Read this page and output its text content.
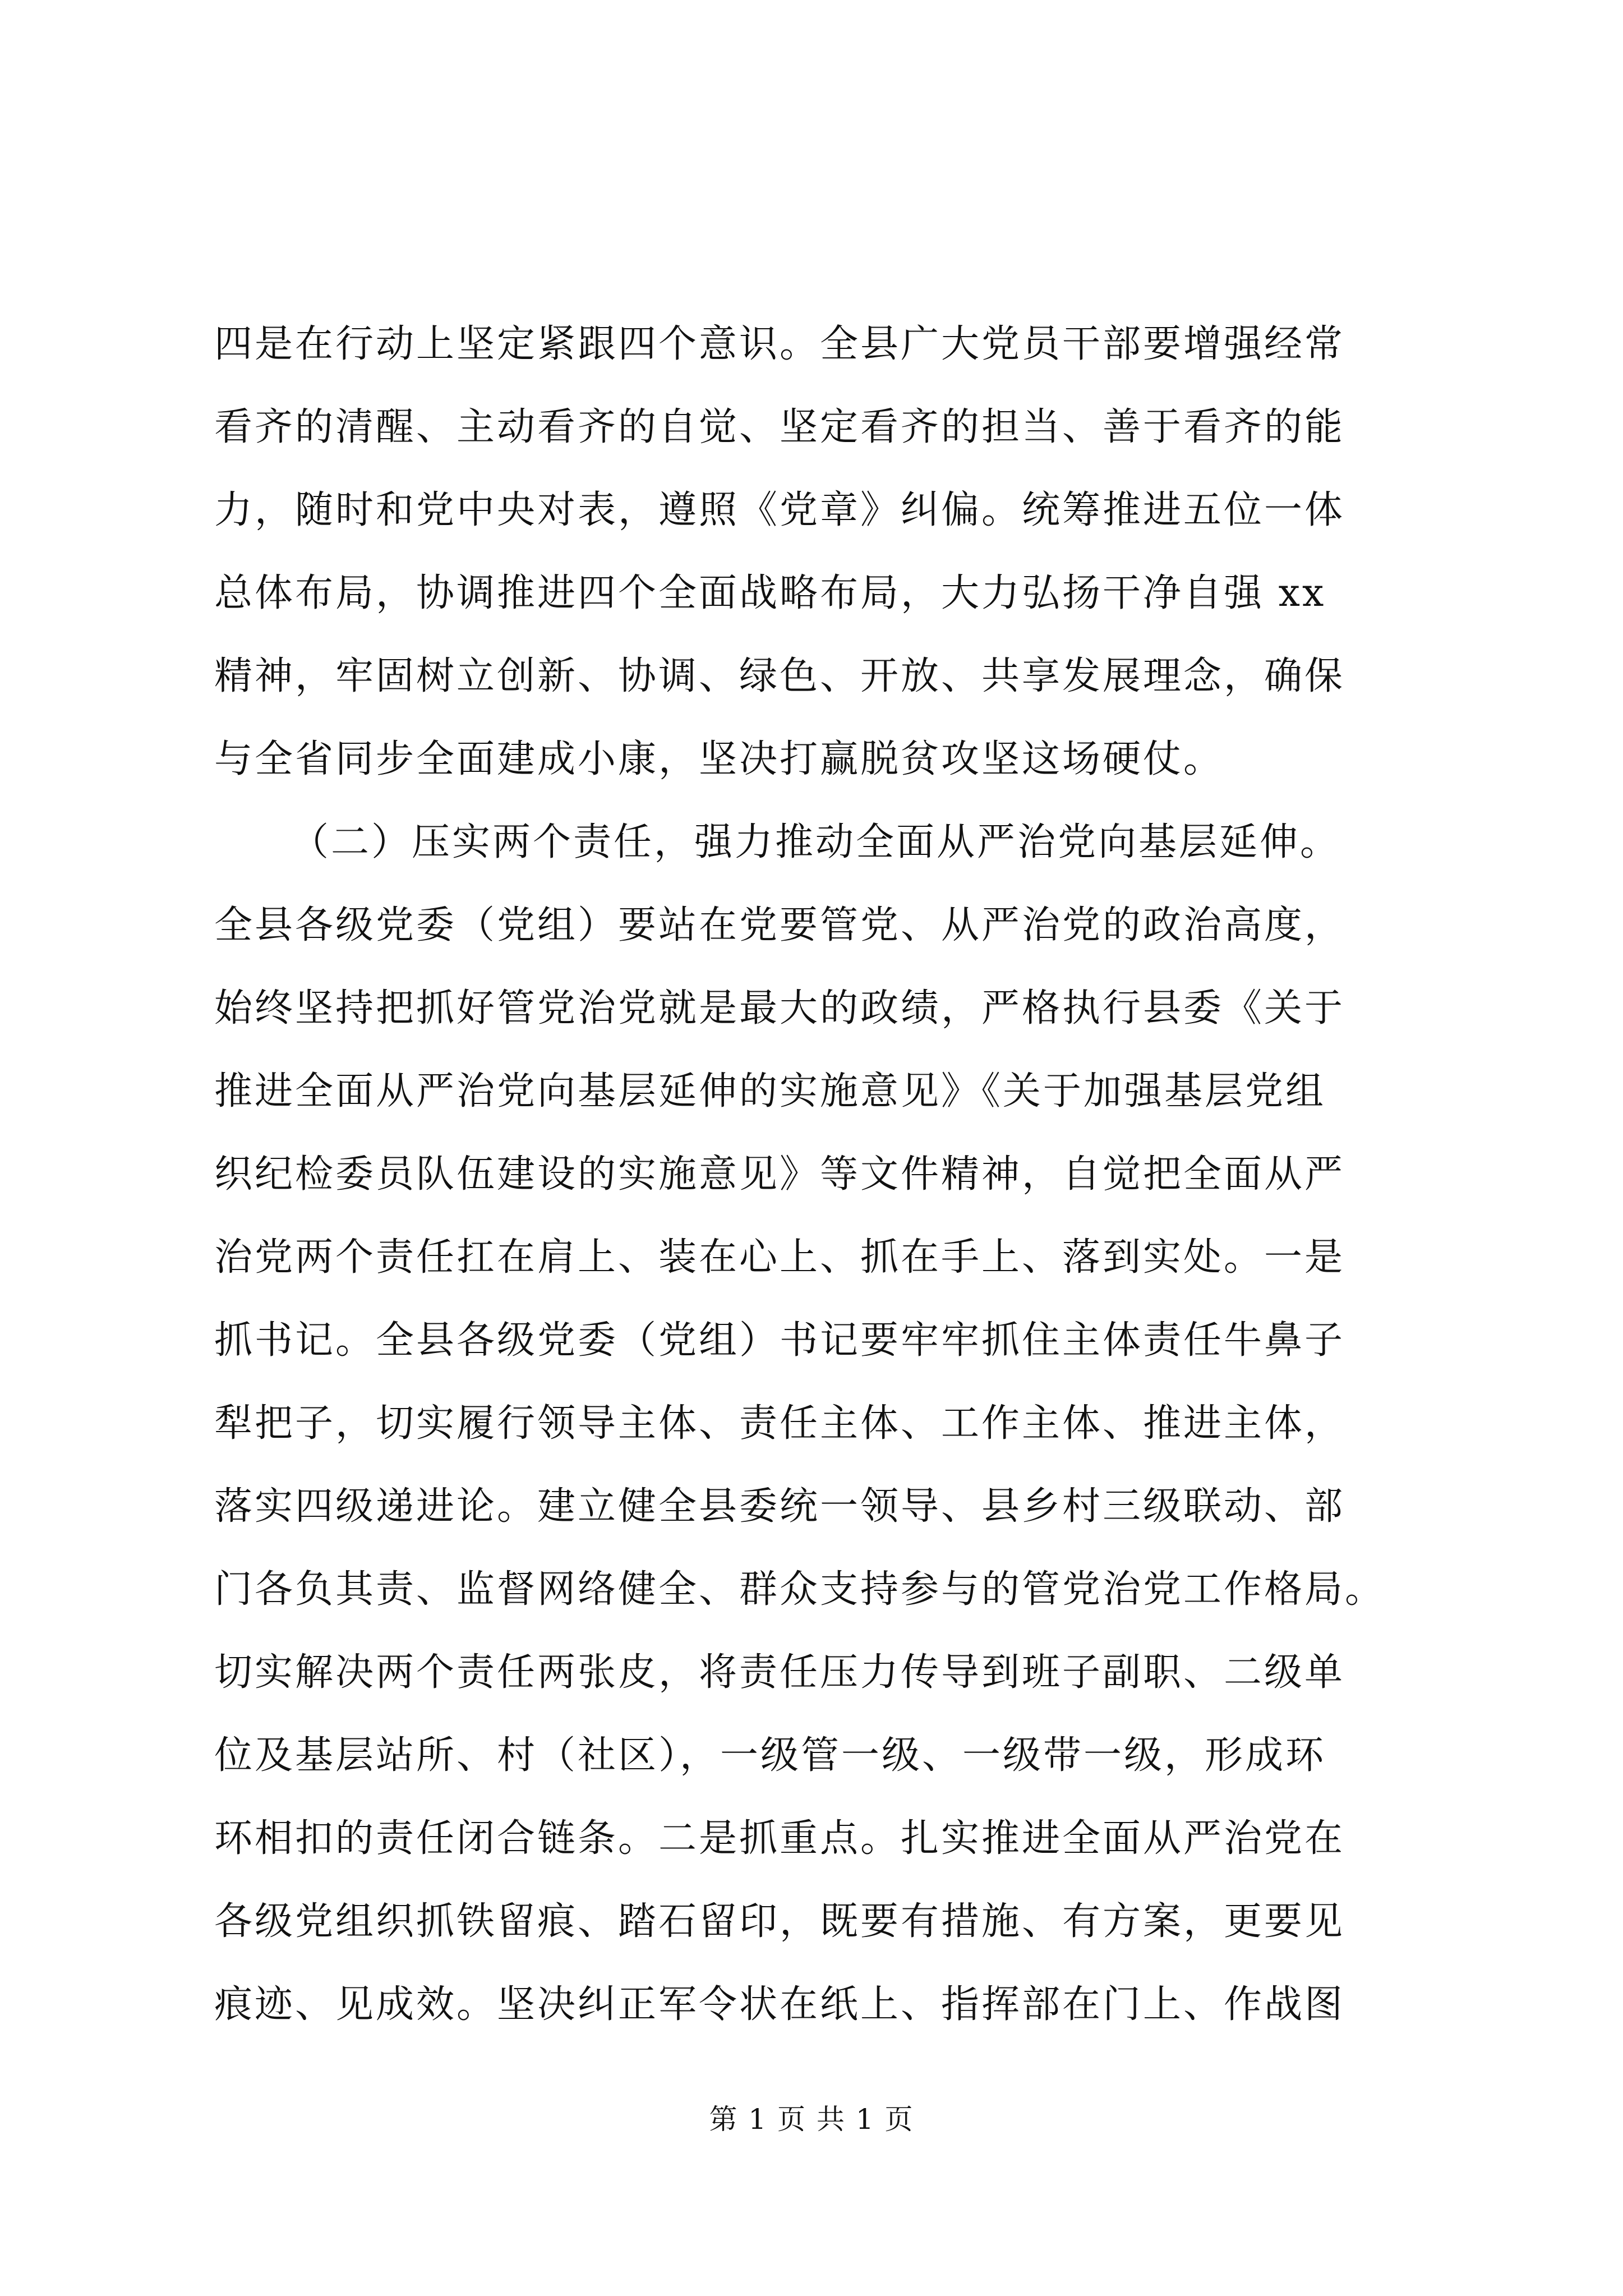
四是在行动上坚定紧跟四个意识。全县广大党员干部要增强经常
看齐的清醒、主动看齐的自觉、坚定看齐的担当、善于看齐的能
力，随时和党中央对表，遵照《党章》纠偏。统筹推进五位一体
总体布局，协调推进四个全面战略布局，大力弘扬干净自强 xx
精神，牢固树立创新、协调、绿色、开放、共享发展理念，确保
与全省同步全面建成小康，坚决打赢脱贫攻坚这场硬仗。
（二）压实两个责任，强力推动全面从严治党向基层延伸。
全县各级党委（党组）要站在党要管党、从严治党的政治高度，
始终坚持把抓好管党治党就是最大的政绩，严格执行县委《关于
推进全面从严治党向基层延伸的实施意见》《关于加强基层党组
织纪检委员队伍建设的实施意见》等文件精神，自觉把全面从严
治党两个责任扛在肩上、装在心上、抓在手上、落到实处。一是
抓书记。全县各级党委（党组）书记要牢牢抓住主体责任牛鼻子
犁把子，切实履行领导主体、责任主体、工作主体、推进主体，
落实四级递进论。建立健全县委统一领导、县乡村三级联动、部
门各负其责、监督网络健全、群众支持参与的管党治党工作格局。
切实解决两个责任两张皮，将责任压力传导到班子副职、二级单
位及基层站所、村（社区），一级管一级、一级带一级，形成环
环相扣的责任闭合链条。二是抓重点。扎实推进全面从严治党在
各级党组织抓铁留痕、踏石留印，既要有措施、有方案，更要见
痕迹、见成效。坚决纠正军令状在纸上、指挥部在门上、作战图
第 1 页 共 1 页
